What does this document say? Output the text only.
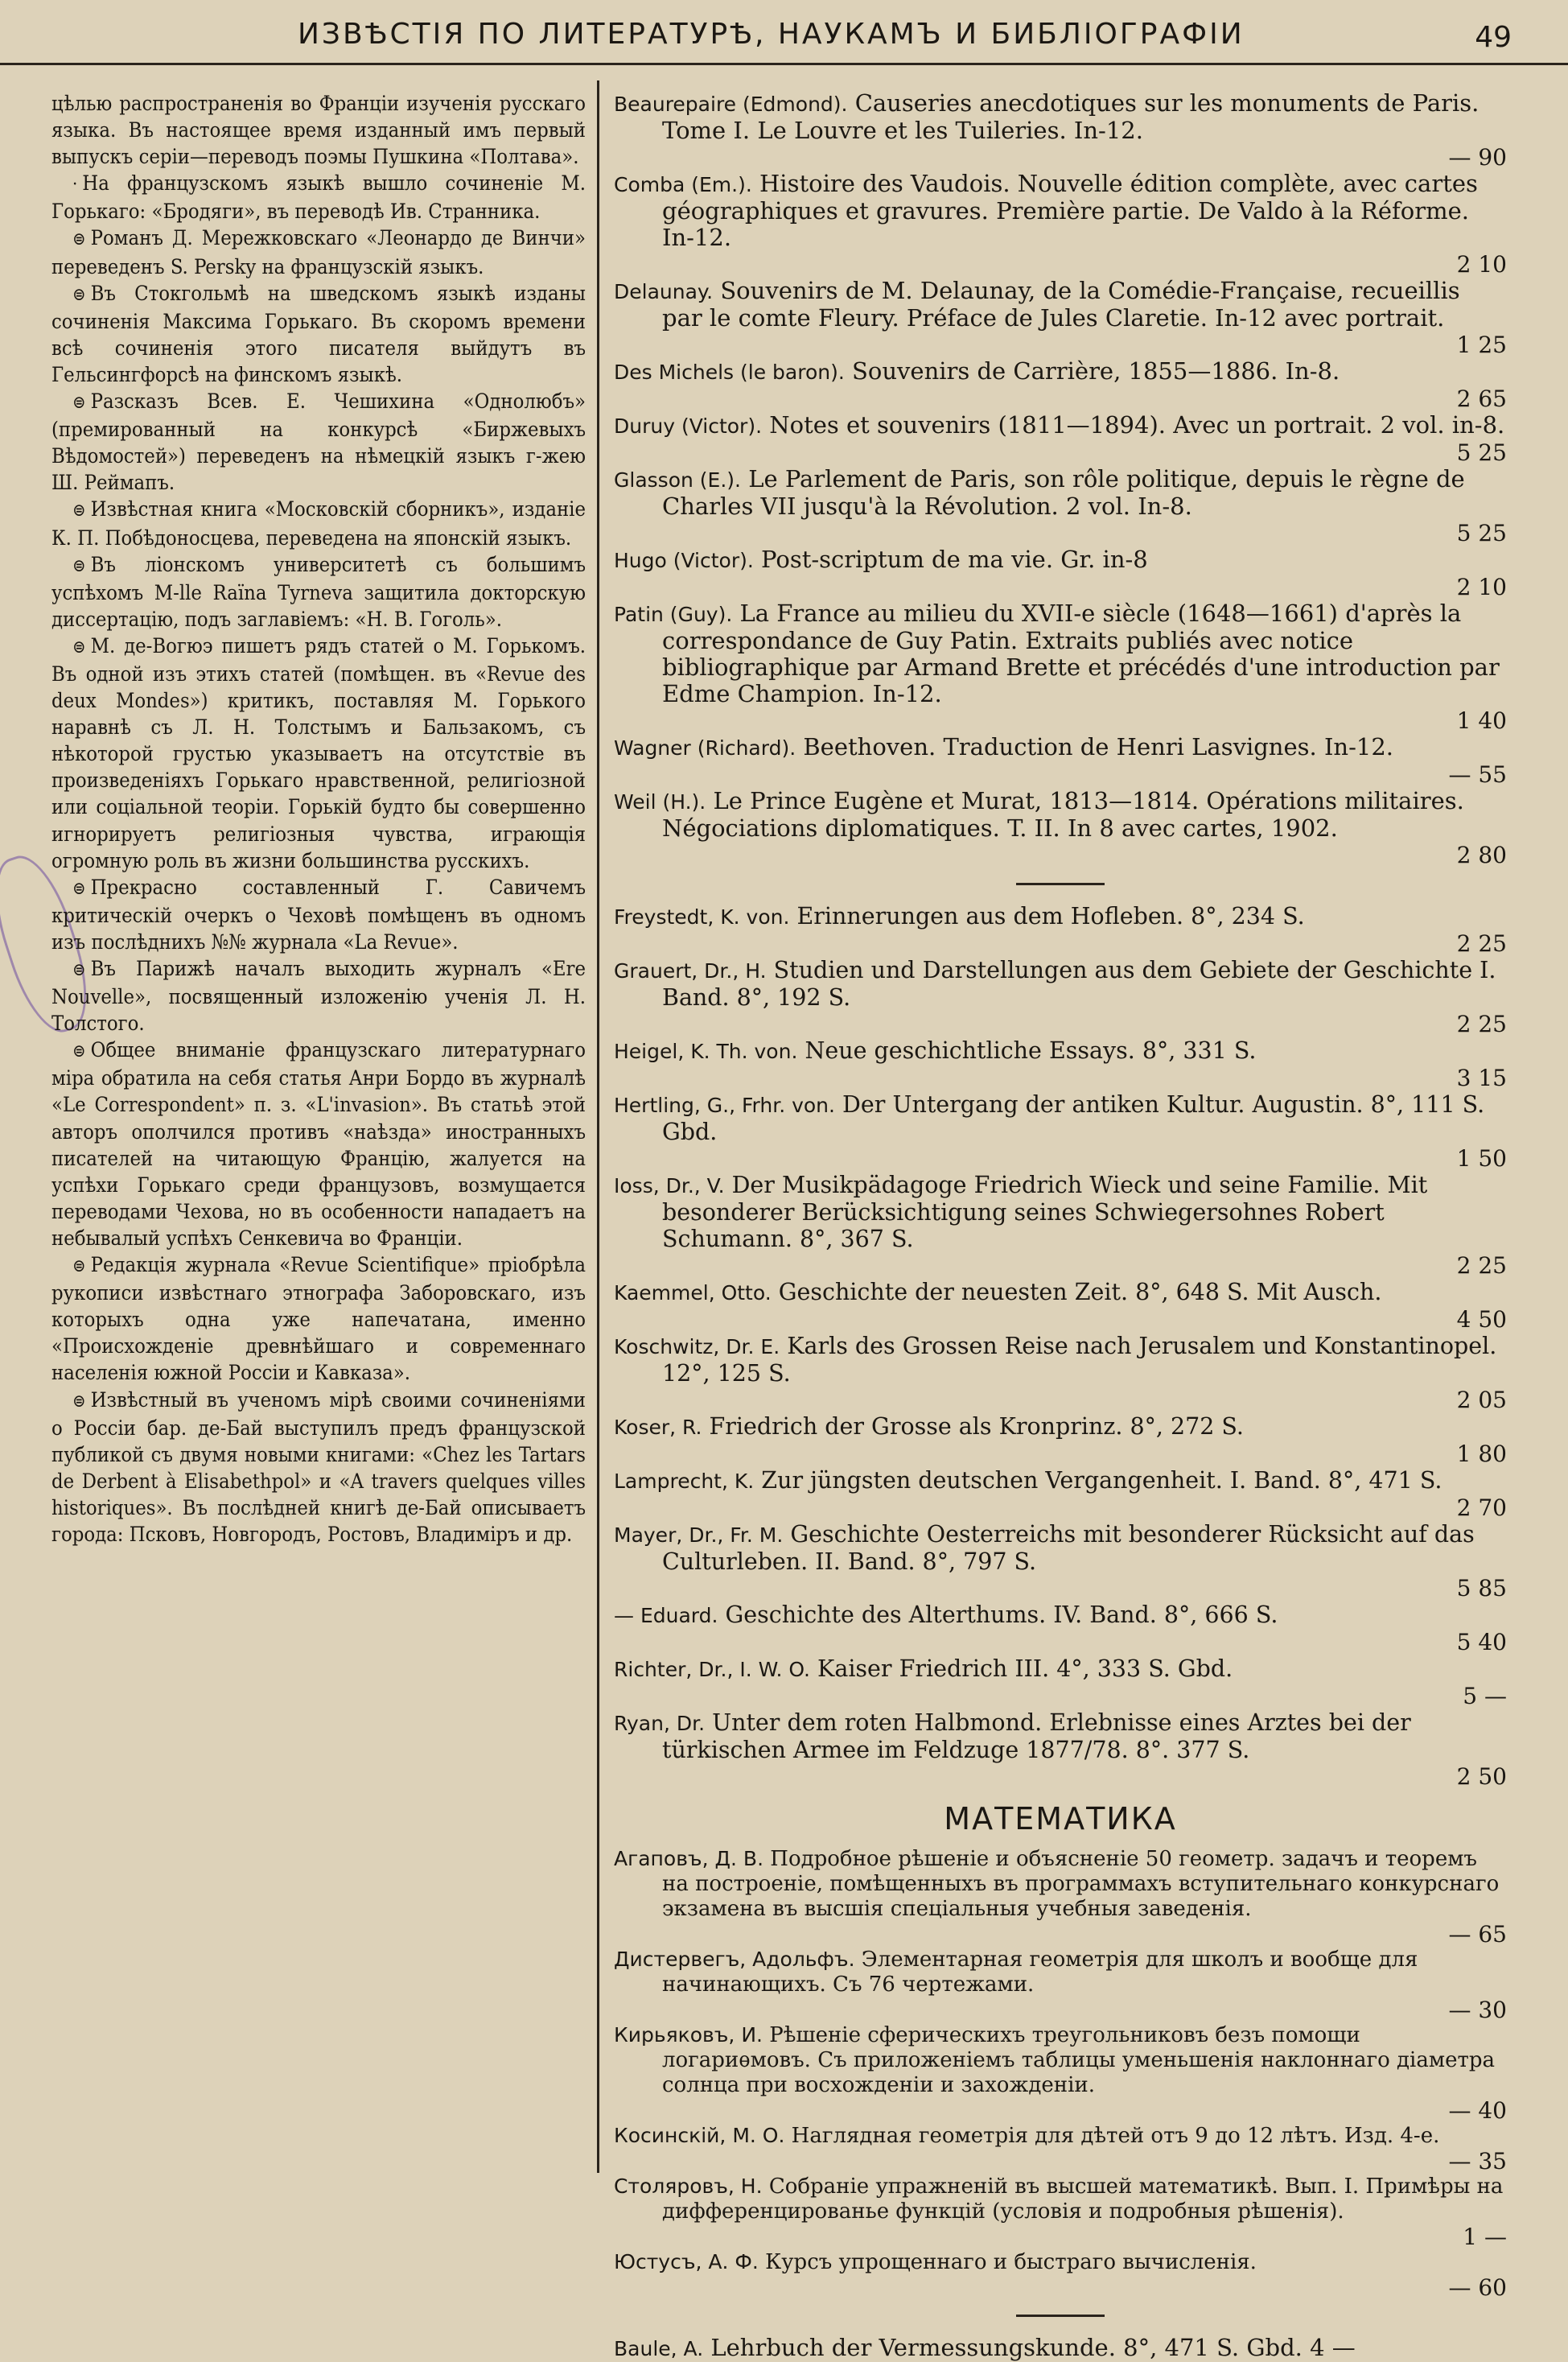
ИЗВѢСТІЯ ПО ЛИТЕРАТУРѢ, НАУКАМЪ И БИБЛІОГРАФІИ	49

цѣлью распространенія во Франціи изученія русскаго языка. Въ настоящее время изданный имъ первый выпускъ серіи—переводъ поэмы Пушкина «Полтава».

· На французскомъ языкѣ вышло сочиненіе М. Горькаго: «Бродяги», въ переводѣ Ив. Странника.

⊜ Романъ Д. Мережковскаго «Леонардо де Винчи» переведенъ S. Persky на французскій языкъ.

⊜ Въ Стокгольмѣ на шведскомъ языкѣ изданы сочиненія Максима Горькаго. Въ скоромъ времени всѣ сочиненія этого писателя выйдутъ въ Гельсингфорсѣ на финскомъ языкѣ.

⊜ Разсказъ Всев. Е. Чешихина «Однолюбъ» (премированный на конкурсѣ «Биржевыхъ Вѣдомостей») переведенъ на нѣмецкій языкъ г-жею Ш. Реймапъ.

⊜ Извѣстная книга «Московскій сборникъ», изданіе К. П. Побѣдоносцева, переведена на японскій языкъ.

⊜ Въ ліонскомъ университетѣ съ большимъ успѣхомъ M-lle Raïna Tyrneva защитила докторскую диссертацію, подъ заглавіемъ: «Н. В. Гоголь».

⊜ М. де-Вогюэ пишетъ рядъ статей о М. Горькомъ. Въ одной изъ этихъ статей (помѣщен. въ «Revue des deux Mondes») критикъ, поставляя М. Горького наравнѣ съ Л. Н. Толстымъ и Бальзакомъ, съ нѣкоторой грустью указываетъ на отсутствіе въ произведеніяхъ Горькаго нравственной, религіозной или соціальной теоріи. Горькій будто бы совершенно игнорируетъ религіозныя чувства, играющія огромную роль въ жизни большинства русскихъ.

⊜ Прекрасно составленный Г. Савичемъ критическій очеркъ о Чеховѣ помѣщенъ въ одномъ изъ послѣднихъ №№ журнала «La Revue».

⊜ Въ Парижѣ началъ выходить журналъ «Ere Nouvelle», посвященный изложенію ученія Л. Н. Толстого.

⊜ Общее вниманіе французскаго литературнаго міра обратила на себя статья Анри Бордо въ журналѣ «Le Correspondent» п. з. «L'invasion». Въ статьѣ этой авторъ ополчился противъ «наѣзда» иностранныхъ писателей на читающую Францію, жалуется на успѣхи Горькаго среди французовъ, возмущается переводами Чехова, но въ особенности нападаетъ на небывалый успѣхъ Сенкевича во Франціи.

⊜ Редакція журнала «Revue Scientifique» пріобрѣла рукописи извѣстнаго этнографа Заборовскаго, изъ которыхъ одна уже напечатана, именно «Происхожденіе древнѣйшаго и современнаго населенія южной Россіи и Кавказа».

⊜ Извѣстный въ ученомъ мірѣ своими сочиненіями о Россіи бар. де-Бай выступилъ предъ французской публикой съ двумя новыми книгами: «Chez les Tartars de Derbent à Elisabethpol» и «A travers quelques villes historiques». Въ послѣдней книгѣ де-Бай описываетъ города: Псковъ, Новгородъ, Ростовъ, Владиміръ и др.

Beaurepaire (Edmond). Causeries anecdotiques sur les monuments de Paris. Tome I. Le Louvre et les Tuileries. In-12.
— 90

Comba (Em.). Histoire des Vaudois. Nouvelle édition complète, avec cartes géographiques et gravures. Première partie. De Valdo à la Réforme. In-12.
2 10

Delaunay. Souvenirs de M. Delaunay, de la Comédie-Française, recueillis par le comte Fleury. Préface de Jules Claretie. In-12 avec portrait.
1 25

Des Michels (le baron). Souvenirs de Carrière, 1855—1886. In-8.
2 65

Duruy (Victor). Notes et souvenirs (1811—1894). Avec un portrait. 2 vol. in-8.
5 25

Glasson (E.). Le Parlement de Paris, son rôle politique, depuis le règne de Charles VII jusqu'à la Révolution. 2 vol. In-8.
5 25

Hugo (Victor). Post-scriptum de ma vie. Gr. in-8
2 10

Patin (Guy). La France au milieu du XVII-e siècle (1648—1661) d'après la correspondance de Guy Patin. Extraits publiés avec notice bibliographique par Armand Brette et précédés d'une introduction par Edme Champion. In-12.
1 40

Wagner (Richard). Beethoven. Traduction de Henri Lasvignes. In-12.
— 55

Weil (H.). Le Prince Eugène et Murat, 1813—1814. Opérations militaires. Négociations diplomatiques. T. II. In 8 avec cartes, 1902.
2 80

Freystedt, K. von. Erinnerungen aus dem Hofleben. 8°, 234 S.
2 25

Grauert, Dr., H. Studien und Darstellungen aus dem Gebiete der Geschichte I. Band. 8°, 192 S.
2 25

Heigel, K. Th. von. Neue geschichtliche Essays. 8°, 331 S.
3 15

Hertling, G., Frhr. von. Der Untergang der antiken Kultur. Augustin. 8°, 111 S. Gbd.
1 50

Ioss, Dr., V. Der Musikpädagoge Friedrich Wieck und seine Familie. Mit besonderer Berücksichtigung seines Schwiegersohnes Robert Schumann. 8°, 367 S.
2 25

Kaemmel, Otto. Geschichte der neuesten Zeit. 8°, 648 S. Mit Ausch.
4 50

Koschwitz, Dr. E. Karls des Grossen Reise nach Jerusalem und Konstantinopel. 12°, 125 S.
2 05

Koser, R. Friedrich der Grosse als Kronprinz. 8°, 272 S.
1 80

Lamprecht, K. Zur jüngsten deutschen Vergangenheit. I. Band. 8°, 471 S.
2 70

Mayer, Dr., Fr. M. Geschichte Oesterreichs mit besonderer Rücksicht auf das Culturleben. II. Band. 8°, 797 S.
5 85

— Eduard. Geschichte des Alterthums. IV. Band. 8°, 666 S.
5 40

Richter, Dr., I. W. O. Kaiser Friedrich III. 4°, 333 S. Gbd.
5 —

Ryan, Dr. Unter dem roten Halbmond. Erlebnisse eines Arztes bei der türkischen Armee im Feldzuge 1877/78. 8°. 377 S.
2 50

МАТЕМАТИКА

Агаповъ, Д. В. Подробное рѣшеніе и объясненіе 50 геометр. задачъ и теоремъ на построеніе, помѣщенныхъ въ программахъ вступительнаго конкурснаго экзамена въ высшія спеціальныя учебныя заведенія.
— 65

Дистервегъ, Адольфъ. Элементарная геометрія для школъ и вообще для начинающихъ. Съ 76 чертежами.
— 30

Кирьяковъ, И. Рѣшеніе сферическихъ треугольниковъ безъ помощи логариѳмовъ. Съ приложеніемъ таблицы уменьшенія наклоннаго діаметра солнца при восхожденіи и захожденіи.
— 40

Косинскій, М. О. Наглядная геометрія для дѣтей отъ 9 до 12 лѣтъ. Изд. 4-е.
— 35

Столяровъ, Н. Собраніе упражненій въ высшей математикѣ. Вып. I. Примѣры на дифференцированье функцій (условія и подробныя рѣшенія).
1 —

Юстусъ, А. Ф. Курсъ упрощеннаго и быстраго вычисленія.
— 60

Baule, A. Lehrbuch der Vermessungskunde. 8°, 471 S. Gbd. 4 —
